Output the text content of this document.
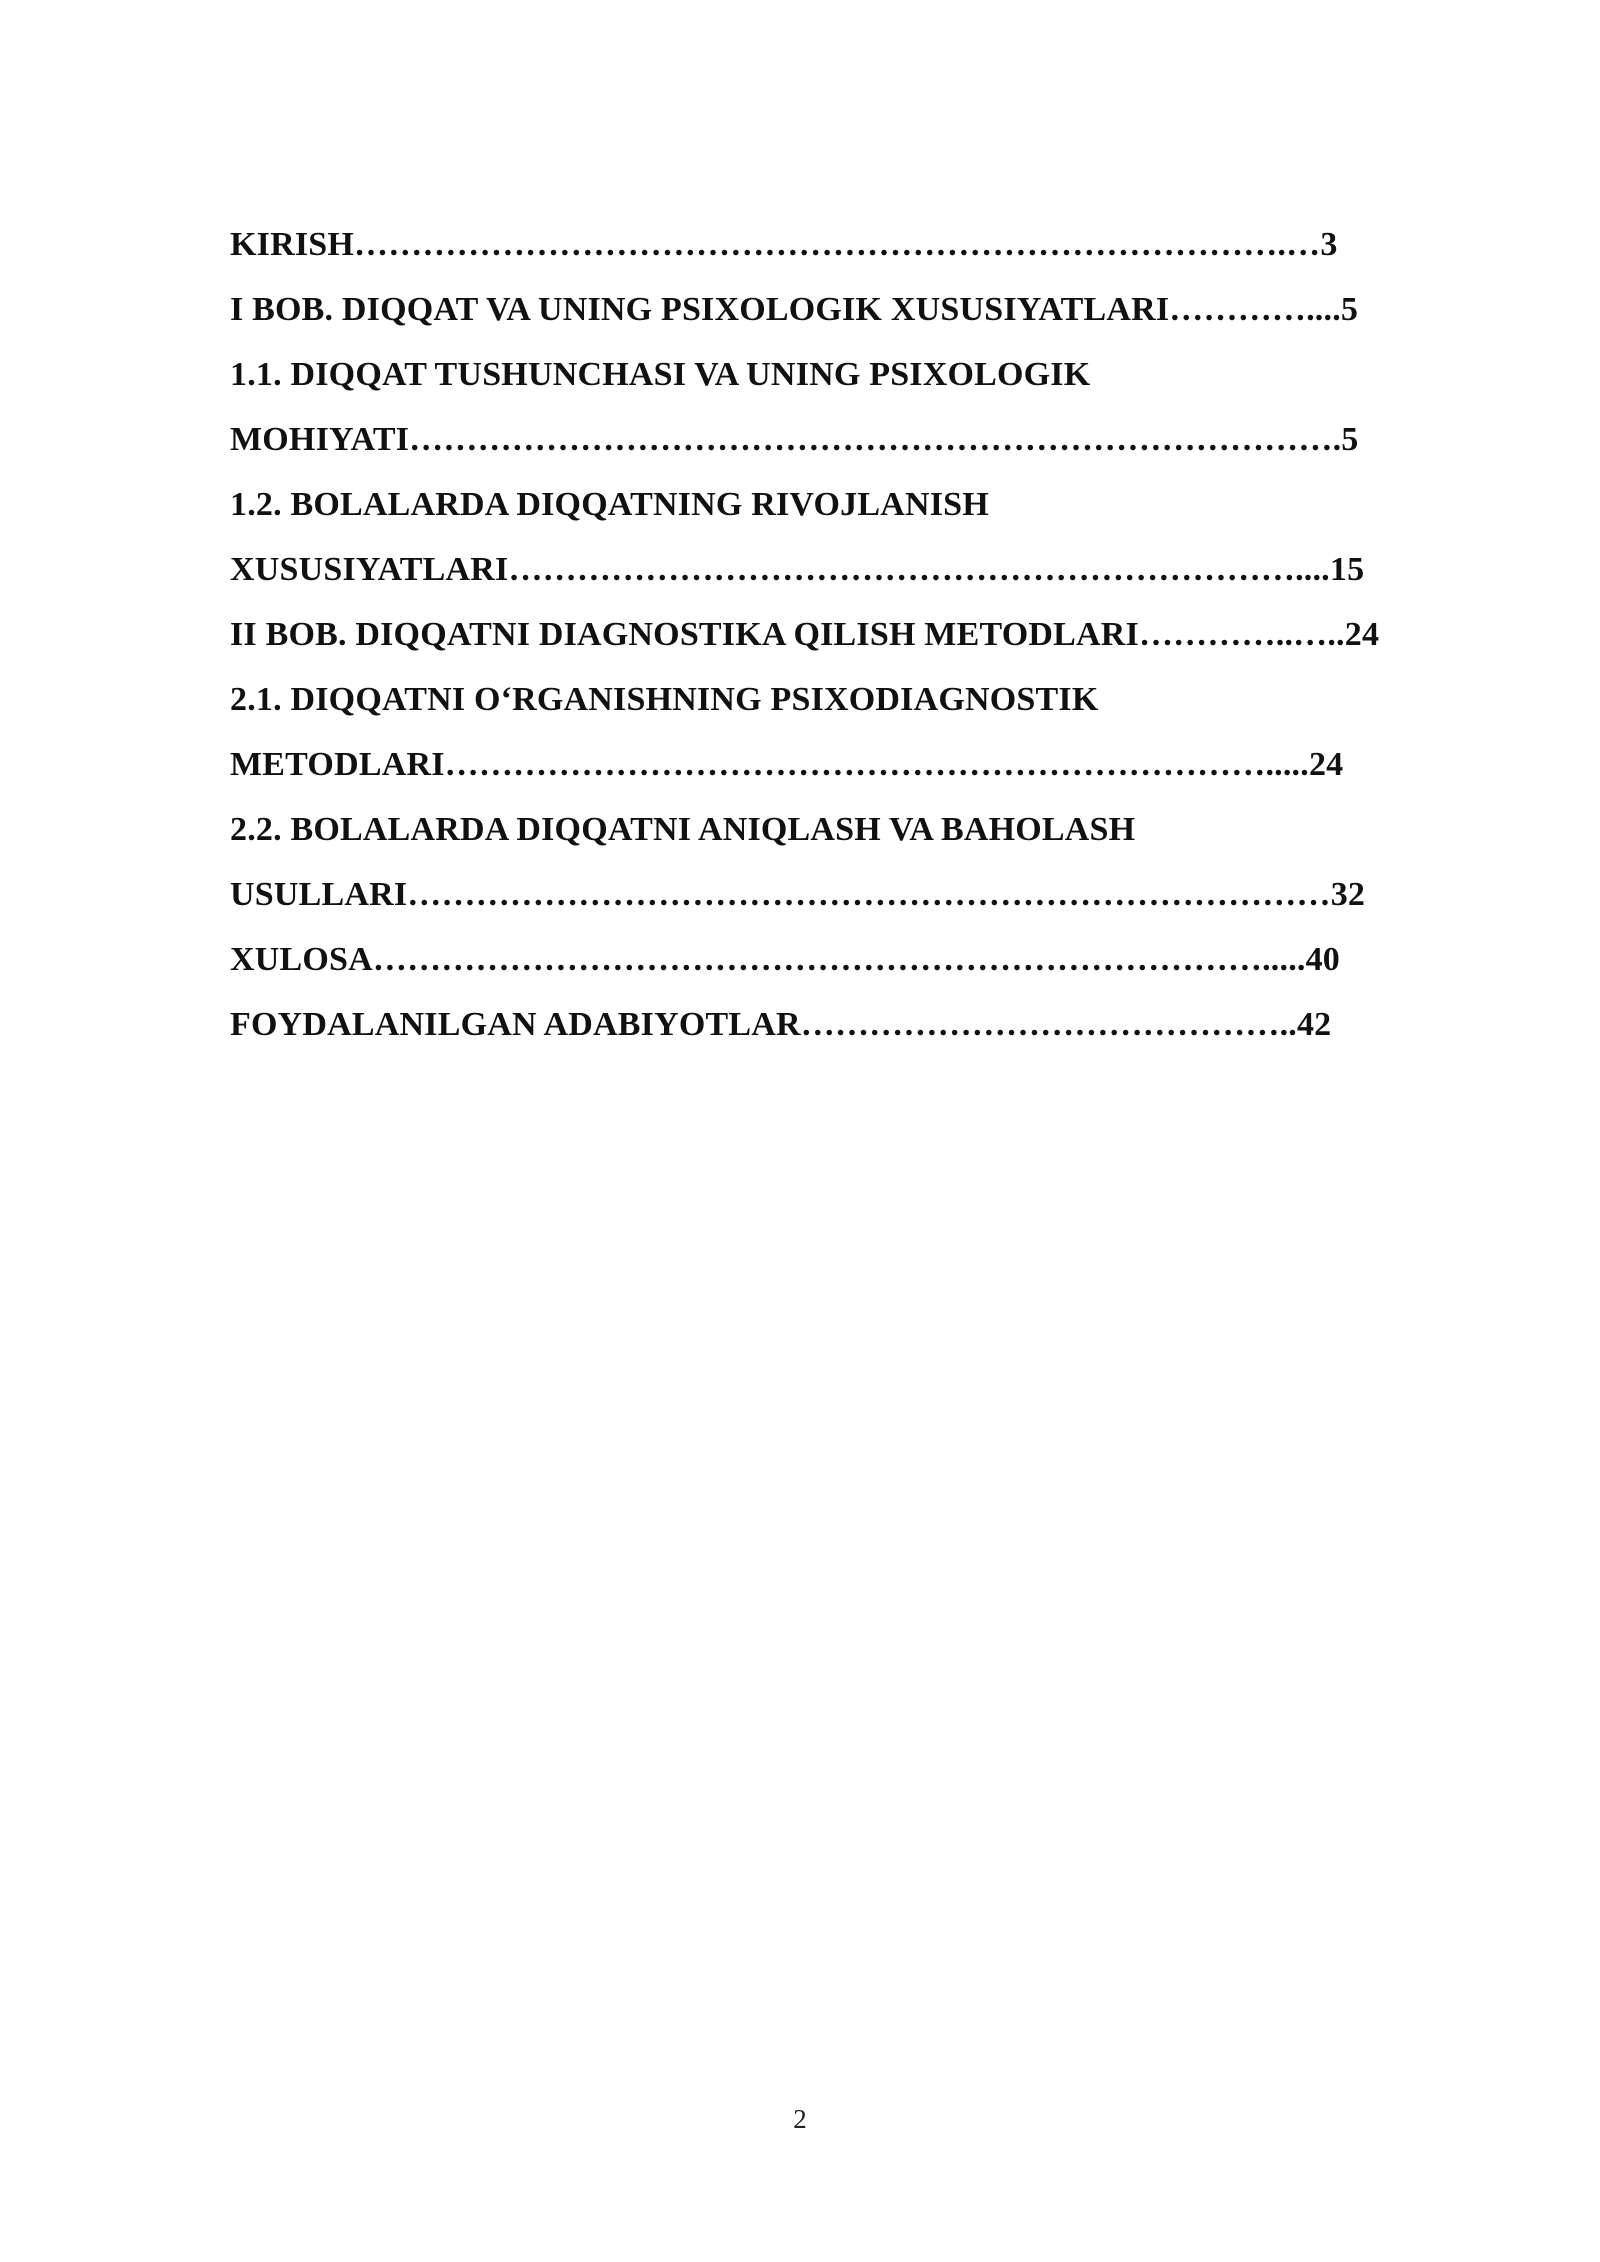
KIRISH……………………………………………………………………….…3
I BOB. DIQQAT VA UNING PSIXOLOGIK XUSUSIYATLARI…………....5
1.1. DIQQAT TUSHUNCHASI VA UNING PSIXOLOGIK
MOHIYATI……………………………………………………………………….5
1.2. BOLALARDA DIQQATNING RIVOJLANISH
XUSUSIYATLARI……………………………………………………………....15
II BOB. DIQQATNI DIAGNOSTIKA QILISH METODLARI…………..…..24
2.1. DIQQATNI O‘RGANISHNING PSIXODIAGNOSTIK
METODLARI……………………………………………………………….....24
2.2. BOLALARDA DIQQATNI ANIQLASH VA BAHOLASH
USULLARI………………………………………………………………………32
XULOSA…………………………………………………………………….....40
FOYDALANILGAN ADABIYOTLAR……………………………………..42
2
